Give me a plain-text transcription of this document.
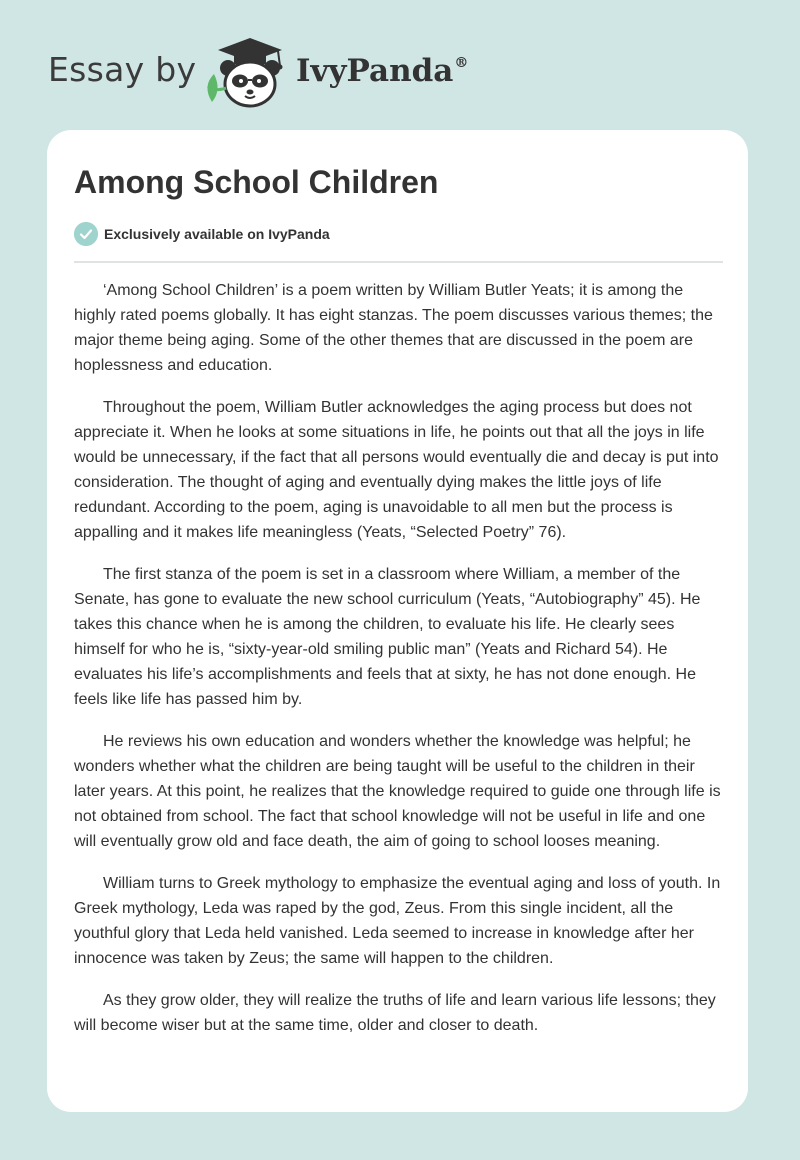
Essay by	IvyPanda®
Among School Children
Exclusively available on IvyPanda

‘Among School Children’ is a poem written by William Butler Yeats; it is among the highly rated poems globally. It has eight stanzas. The poem discusses various themes; the major theme being aging. Some of the other themes that are discussed in the poem are hoplessness and education.

Throughout the poem, William Butler acknowledges the aging process but does not appreciate it. When he looks at some situations in life, he points out that all the joys in life would be unnecessary, if the fact that all persons would eventually die and decay is put into consideration. The thought of aging and eventually dying makes the little joys of life redundant. According to the poem, aging is unavoidable to all men but the process is appalling and it makes life meaningless (Yeats, “Selected Poetry” 76).

The first stanza of the poem is set in a classroom where William, a member of the Senate, has gone to evaluate the new school curriculum (Yeats, “Autobiography” 45). He takes this chance when he is among the children, to evaluate his life. He clearly sees himself for who he is, “sixty-year-old smiling public man” (Yeats and Richard 54). He evaluates his life’s accomplishments and feels that at sixty, he has not done enough. He feels like life has passed him by.

He reviews his own education and wonders whether the knowledge was helpful; he wonders whether what the children are being taught will be useful to the children in their later years. At this point, he realizes that the knowledge required to guide one through life is not obtained from school. The fact that school knowledge will not be useful in life and one will eventually grow old and face death, the aim of going to school looses meaning.

William turns to Greek mythology to emphasize the eventual aging and loss of youth. In Greek mythology, Leda was raped by the god, Zeus. From this single incident, all the youthful glory that Leda held vanished. Leda seemed to increase in knowledge after her innocence was taken by Zeus; the same will happen to the children.

As they grow older, they will realize the truths of life and learn various life lessons; they will become wiser but at the same time, older and closer to death.
